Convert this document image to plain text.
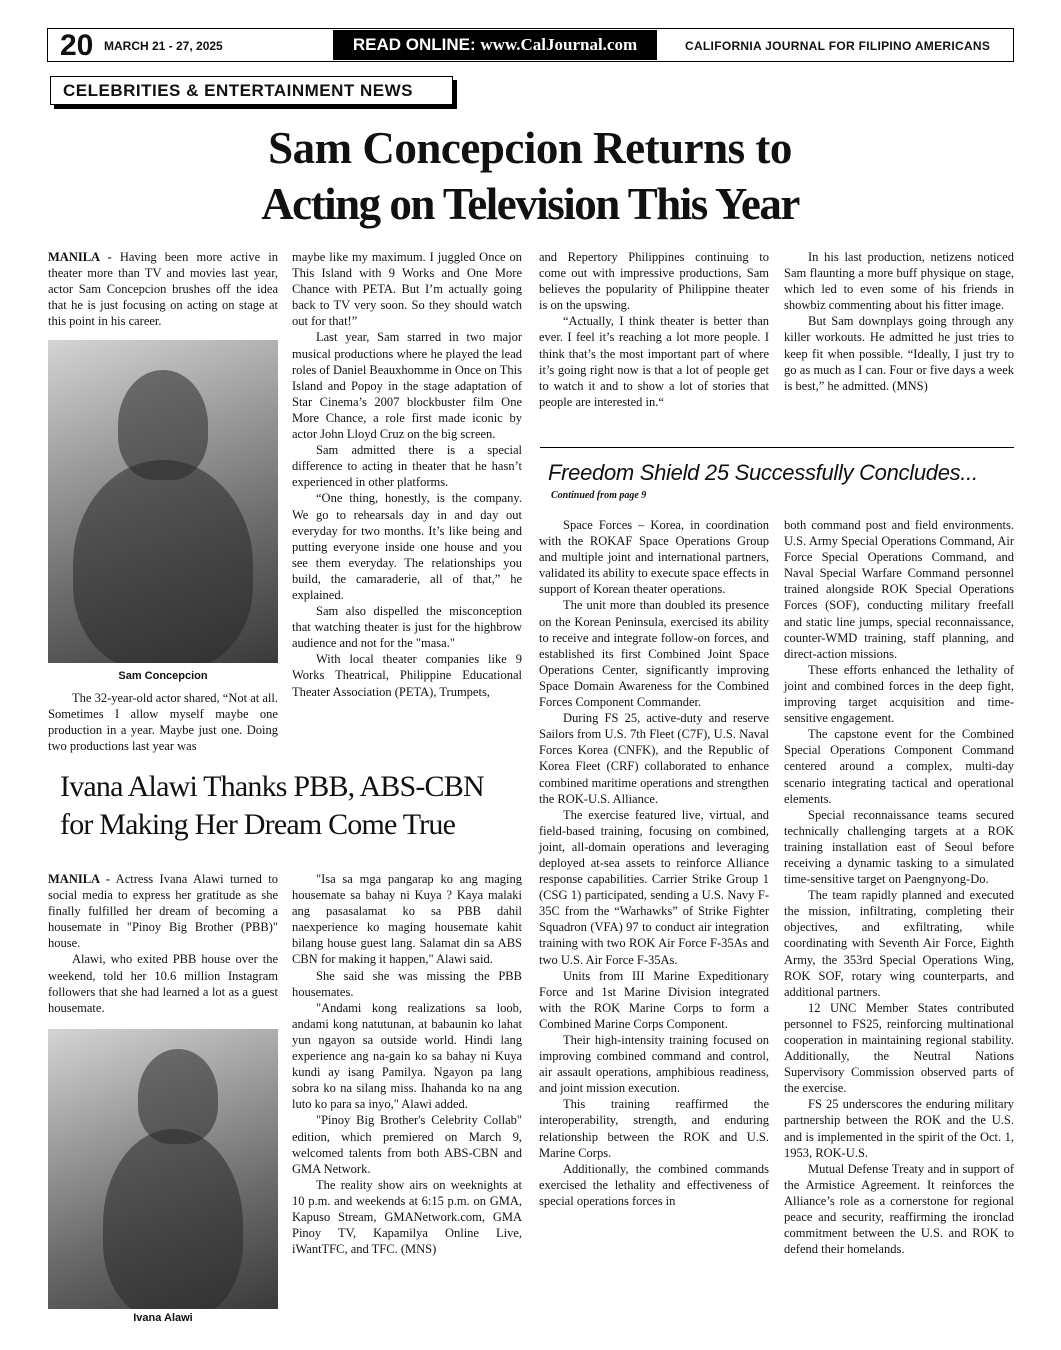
20 MARCH 21 - 27, 2025	READ ONLINE: www.CalJournal.com	CALIFORNIA JOURNAL FOR FILIPINO AMERICANS
CELEBRITIES & ENTERTAINMENT NEWS
Sam Concepcion Returns to
Acting on Television This Year

MANILA - Having been more active in theater more than TV and movies last year, actor Sam Concepcion brushes off the idea that he is just focusing on acting on stage at this point in his career.

Sam Concepcion

The 32-year-old actor shared, “Not at all. Sometimes I allow myself maybe one production in a year. Maybe just one. Doing two productions last year was

maybe like my maximum. I juggled Once on This Island with 9 Works and One More Chance with PETA. But I’m actually going back to TV very soon. So they should watch out for that!”

Last year, Sam starred in two major musical productions where he played the lead roles of Daniel Beauxhomme in Once on This Island and Popoy in the stage adaptation of Star Cinema’s 2007 blockbuster film One More Chance, a role first made iconic by actor John Lloyd Cruz on the big screen.

Sam admitted there is a special difference to acting in theater that he hasn’t experienced in other platforms.

“One thing, honestly, is the company. We go to rehearsals day in and day out everyday for two months. It’s like being and putting everyone inside one house and you see them everyday. The relationships you build, the camaraderie, all of that,” he explained.

Sam also dispelled the misconception that watching theater is just for the highbrow audience and not for the "masa."

With local theater companies like 9 Works Theatrical, Philippine Educational Theater Association (PETA), Trumpets,

and Repertory Philippines continuing to come out with impressive productions, Sam believes the popularity of Philippine theater is on the upswing.

“Actually, I think theater is better than ever. I feel it’s reaching a lot more people. I think that’s the most important part of where it’s going right now is that a lot of people get to watch it and to show a lot of stories that people are interested in.“

In his last production, netizens noticed Sam flaunting a more buff physique on stage, which led to even some of his friends in showbiz commenting about his fitter image.

But Sam downplays going through any killer workouts. He admitted he just tries to keep fit when possible. “Ideally, I just try to go as much as I can. Four or five days a week is best,” he admitted. (MNS)

Ivana Alawi Thanks PBB, ABS-CBN
for Making Her Dream Come True

MANILA - Actress Ivana Alawi turned to social media to express her gratitude as she finally fulfilled her dream of becoming a housemate in "Pinoy Big Brother (PBB)" house.

Alawi, who exited PBB house over the weekend, told her 10.6 million Instagram followers that she had learned a lot as a guest housemate.

Ivana Alawi

"Isa sa mga pangarap ko ang maging housemate sa bahay ni Kuya ? Kaya malaki ang pasasalamat ko sa PBB dahil naexperience ko maging housemate kahit bilang house guest lang. Salamat din sa ABS CBN for making it happen," Alawi said.

She said she was missing the PBB housemates.

"Andami kong realizations sa loob, andami kong natutunan, at babaunin ko lahat yun ngayon sa outside world. Hindi lang experience ang na-gain ko sa bahay ni Kuya kundi ay isang Pamilya. Ngayon pa lang sobra ko na silang miss. Ihahanda ko na ang luto ko para sa inyo," Alawi added.

"Pinoy Big Brother's Celebrity Collab" edition, which premiered on March 9, welcomed talents from both ABS-CBN and GMA Network.

The reality show airs on weeknights at 10 p.m. and weekends at 6:15 p.m. on GMA, Kapuso Stream, GMANetwork.com, GMA Pinoy TV, Kapamilya Online Live, iWantTFC, and TFC. (MNS)

Freedom Shield 25 Successfully Concludes...
Continued from page 9

Space Forces – Korea, in coordination with the ROKAF Space Operations Group and multiple joint and international partners, validated its ability to execute space effects in support of Korean theater operations.

The unit more than doubled its presence on the Korean Peninsula, exercised its ability to receive and integrate follow-on forces, and established its first Combined Joint Space Operations Center, significantly improving Space Domain Awareness for the Combined Forces Component Commander.

During FS 25, active-duty and reserve Sailors from U.S. 7th Fleet (C7F), U.S. Naval Forces Korea (CNFK), and the Republic of Korea Fleet (CRF) collaborated to enhance combined maritime operations and strengthen the ROK-U.S. Alliance.

The exercise featured live, virtual, and field-based training, focusing on combined, joint, all-domain operations and leveraging deployed at-sea assets to reinforce Alliance response capabilities. Carrier Strike Group 1 (CSG 1) participated, sending a U.S. Navy F-35C from the “Warhawks” of Strike Fighter Squadron (VFA) 97 to conduct air integration training with two ROK Air Force F-35As and two U.S. Air Force F-35As.

Units from III Marine Expeditionary Force and 1st Marine Division integrated with the ROK Marine Corps to form a Combined Marine Corps Component.

Their high-intensity training focused on improving combined command and control, air assault operations, amphibious readiness, and joint mission execution.

This training reaffirmed the interoperability, strength, and enduring relationship between the ROK and U.S. Marine Corps.

Additionally, the combined commands exercised the lethality and effectiveness of special operations forces in

both command post and field environments. U.S. Army Special Operations Command, Air Force Special Operations Command, and Naval Special Warfare Command personnel trained alongside ROK Special Operations Forces (SOF), conducting military freefall and static line jumps, special reconnaissance, counter-WMD training, staff planning, and direct-action missions.

These efforts enhanced the lethality of joint and combined forces in the deep fight, improving target acquisition and time-sensitive engagement.

The capstone event for the Combined Special Operations Component Command centered around a complex, multi-day scenario integrating tactical and operational elements.

Special reconnaissance teams secured technically challenging targets at a ROK training installation east of Seoul before receiving a dynamic tasking to a simulated time-sensitive target on Paengnyong-Do.

The team rapidly planned and executed the mission, infiltrating, completing their objectives, and exfiltrating, while coordinating with Seventh Air Force, Eighth Army, the 353rd Special Operations Wing, ROK SOF, rotary wing counterparts, and additional partners.

12 UNC Member States contributed personnel to FS25, reinforcing multinational cooperation in maintaining regional stability. Additionally, the Neutral Nations Supervisory Commission observed parts of the exercise.

FS 25 underscores the enduring military partnership between the ROK and the U.S. and is implemented in the spirit of the Oct. 1, 1953, ROK-U.S.

Mutual Defense Treaty and in support of the Armistice Agreement. It reinforces the Alliance’s role as a cornerstone for regional peace and security, reaffirming the ironclad commitment between the U.S. and ROK to defend their homelands.
